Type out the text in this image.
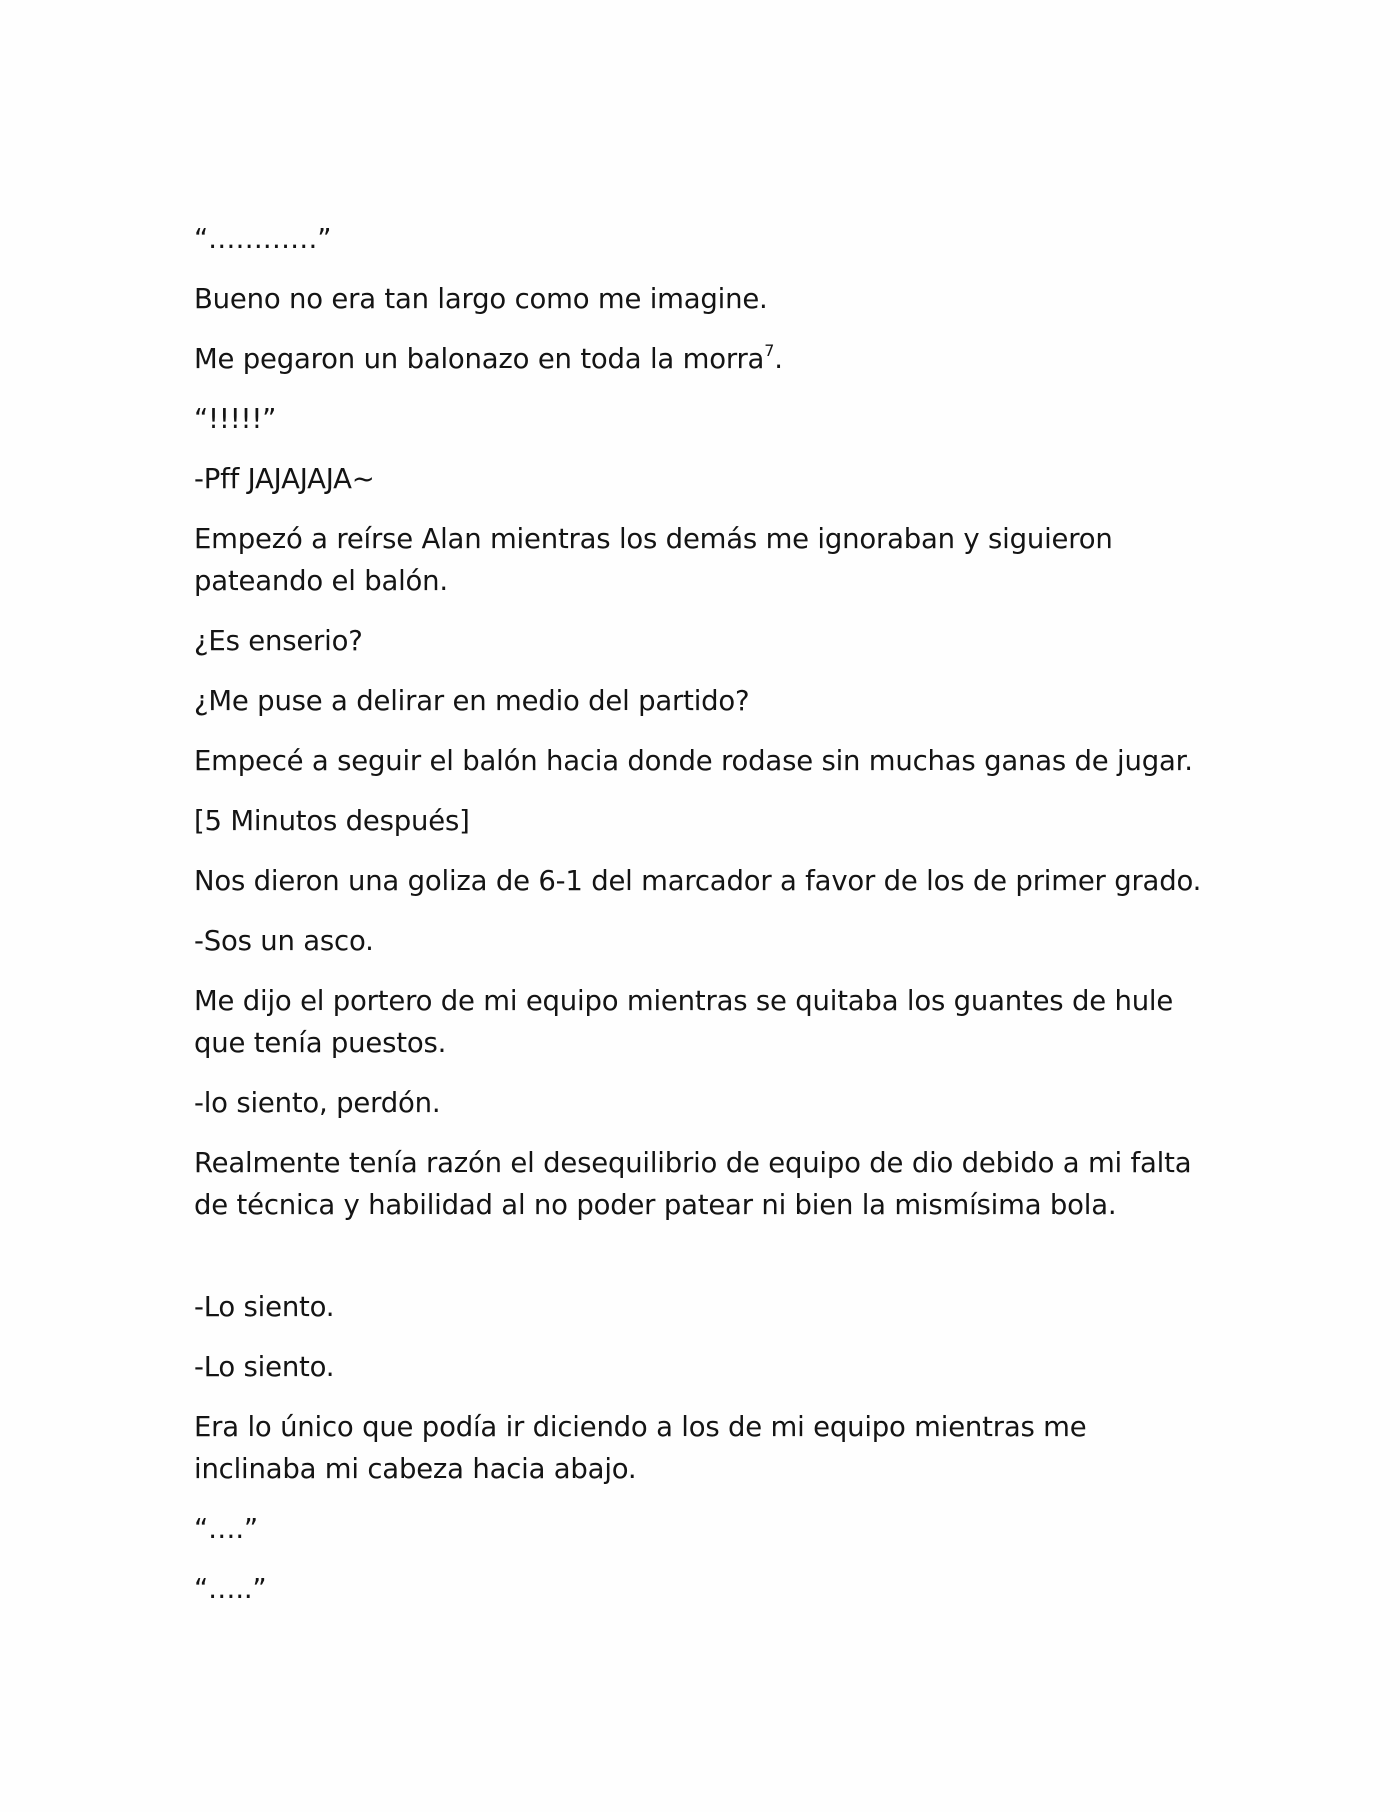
“…………”

Bueno no era tan largo como me imagine.

Me pegaron un balonazo en toda la morra$^7$.

“!!!!!”

-Pff JAJAJAJA~

Empezó a reírse Alan mientras los demás me ignoraban y siguieron pateando el balón.

¿Es enserio?

¿Me puse a delirar en medio del partido?

Empecé a seguir el balón hacia donde rodase sin muchas ganas de jugar.

[5 Minutos después]

Nos dieron una goliza de 6-1 del marcador a favor de los de primer grado.

-Sos un asco.

Me dijo el portero de mi equipo mientras se quitaba los guantes de hule que tenía puestos.

-lo siento, perdón.

Realmente tenía razón el desequilibrio de equipo de dio debido a mi falta de técnica y habilidad al no poder patear ni bien la mismísima bola.

-Lo siento.

-Lo siento.

Era lo único que podía ir diciendo a los de mi equipo mientras me inclinaba mi cabeza hacia abajo.

“….”

“…..”
